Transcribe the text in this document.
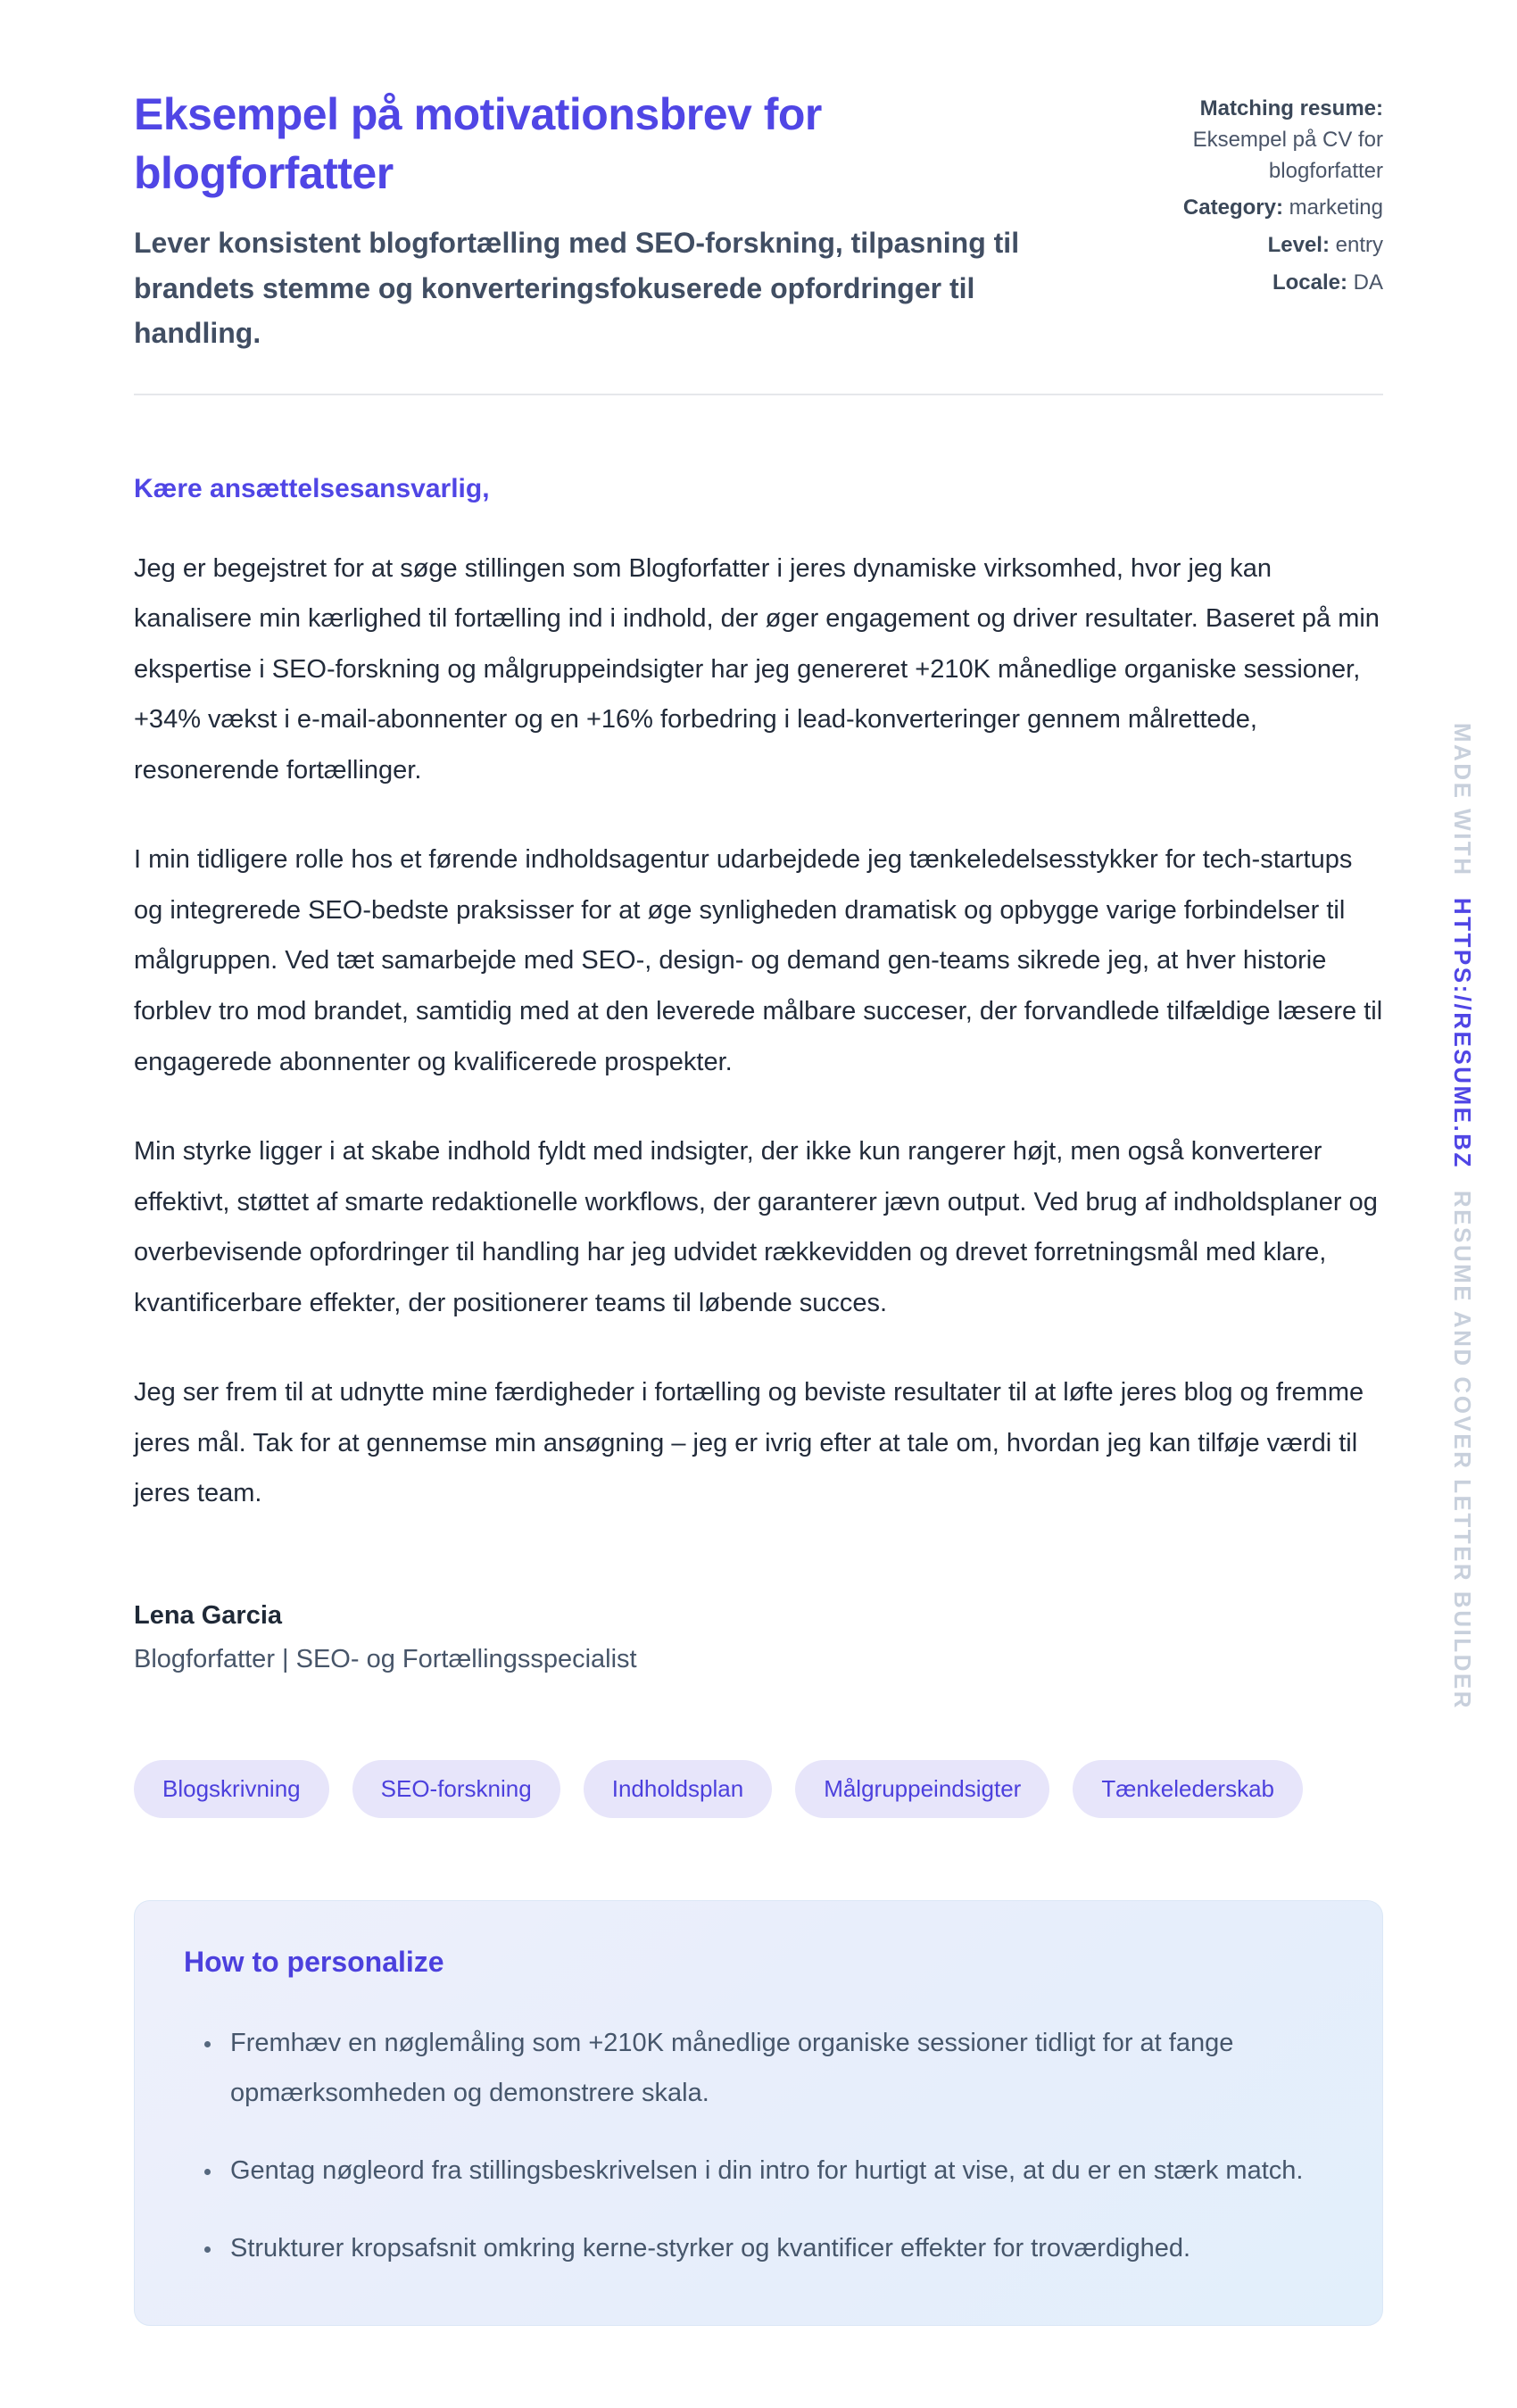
Eksempel på motivationsbrev for blogforfatter

Lever konsistent blogfortælling med SEO-forskning, tilpasning til brandets stemme og konverteringsfokuserede opfordringer til handling.

Matching resume: Eksempel på CV for blogforfatter
Category: marketing
Level: entry
Locale: DA
Kære ansættelsesansvarlig,

Jeg er begejstret for at søge stillingen som Blogforfatter i jeres dynamiske virksomhed, hvor jeg kan kanalisere min kærlighed til fortælling ind i indhold, der øger engagement og driver resultater. Baseret på min ekspertise i SEO-forskning og målgruppeindsigter har jeg genereret +210K månedlige organiske sessioner, +34% vækst i e-mail-abonnenter og en +16% forbedring i lead-konverteringer gennem målrettede, resonerende fortællinger.

I min tidligere rolle hos et førende indholdsagentur udarbejdede jeg tænkeledelsesstykker for tech-startups og integrerede SEO-bedste praksisser for at øge synligheden dramatisk og opbygge varige forbindelser til målgruppen. Ved tæt samarbejde med SEO-, design- og demand gen-teams sikrede jeg, at hver historie forblev tro mod brandet, samtidig med at den leverede målbare succeser, der forvandlede tilfældige læsere til engagerede abonnenter og kvalificerede prospekter.

Min styrke ligger i at skabe indhold fyldt med indsigter, der ikke kun rangerer højt, men også konverterer effektivt, støttet af smarte redaktionelle workflows, der garanterer jævn output. Ved brug af indholdsplaner og overbevisende opfordringer til handling har jeg udvidet rækkevidden og drevet forretningsmål med klare, kvantificerbare effekter, der positionerer teams til løbende succes.

Jeg ser frem til at udnytte mine færdigheder i fortælling og beviste resultater til at løfte jeres blog og fremme jeres mål. Tak for at gennemse min ansøgning – jeg er ivrig efter at tale om, hvordan jeg kan tilføje værdi til jeres team.

Lena Garcia
Blogforfatter | SEO- og Fortællingsspecialist
Blogskrivning	SEO-forskning	Indholdsplan	Målgruppeindsigter	Tænkelederskab
How to personalize
• Fremhæv en nøglemåling som +210K månedlige organiske sessioner tidligt for at fange opmærksomheden og demonstrere skala.
• Gentag nøgleord fra stillingsbeskrivelsen i din intro for hurtigt at vise, at du er en stærk match.
• Strukturer kropsafsnit omkring kerne-styrker og kvantificer effekter for troværdighed.
MADE WITH HTTPS://RESUME.BZ RESUME AND COVER LETTER BUILDER
